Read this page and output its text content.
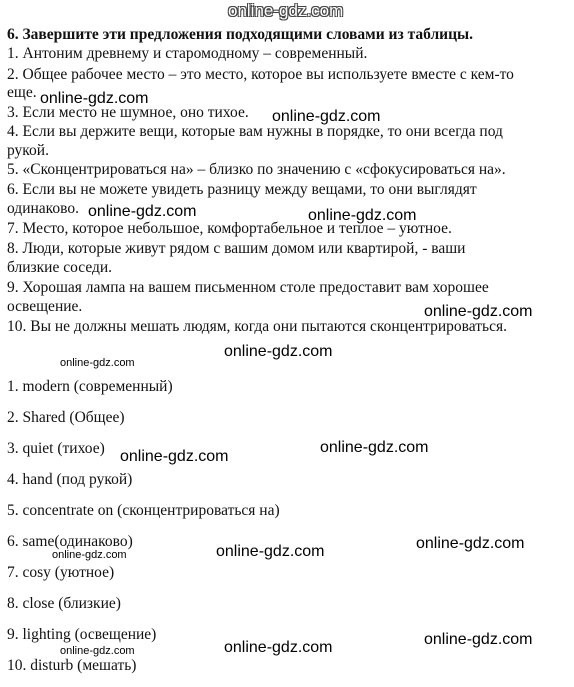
online-gdz.com
6. Завершите эти предложения подходящими словами из таблицы.
1. Антоним древнему и старомодному – современный.
2. Общее рабочее место – это место, которое вы используете вместе с кем-то
еще.
3. Если место не шумное, оно тихое.
4. Если вы держите вещи, которые вам нужны в порядке, то они всегда под
рукой.
5. «Сконцентрироваться на» – близко по значению с «сфокусироваться на».
6. Если вы не можете увидеть разницу между вещами, то они выглядят
одинаково.
7. Место, которое небольшое, комфортабельное и теплое – уютное.
8. Люди, которые живут рядом с вашим домом или квартирой, - ваши
близкие соседи.
9. Хорошая лампа на вашем письменном столе предоставит вам хорошее
освещение.
10. Вы не должны мешать людям, когда они пытаются сконцентрироваться.
1. modern (современный)
2. Shared (Общее)
3. quiet (тихое)
4. hand (под рукой)
5. concentrate on (сконцентрироваться на)
6. same(одинаково)
7. cosy (уютное)
8. close (близкие)
9. lighting (освещение)
10. disturb (мешать)
online-gdz.com
online-gdz.com
online-gdz.com	online-gdz.com
online-gdz.com
online-gdz.com
online-gdz.com
online-gdz.com
online-gdz.com
online-gdz.com
online-gdz.com
online-gdz.com
online-gdz.com
online-gdz.com
online-gdz.com
